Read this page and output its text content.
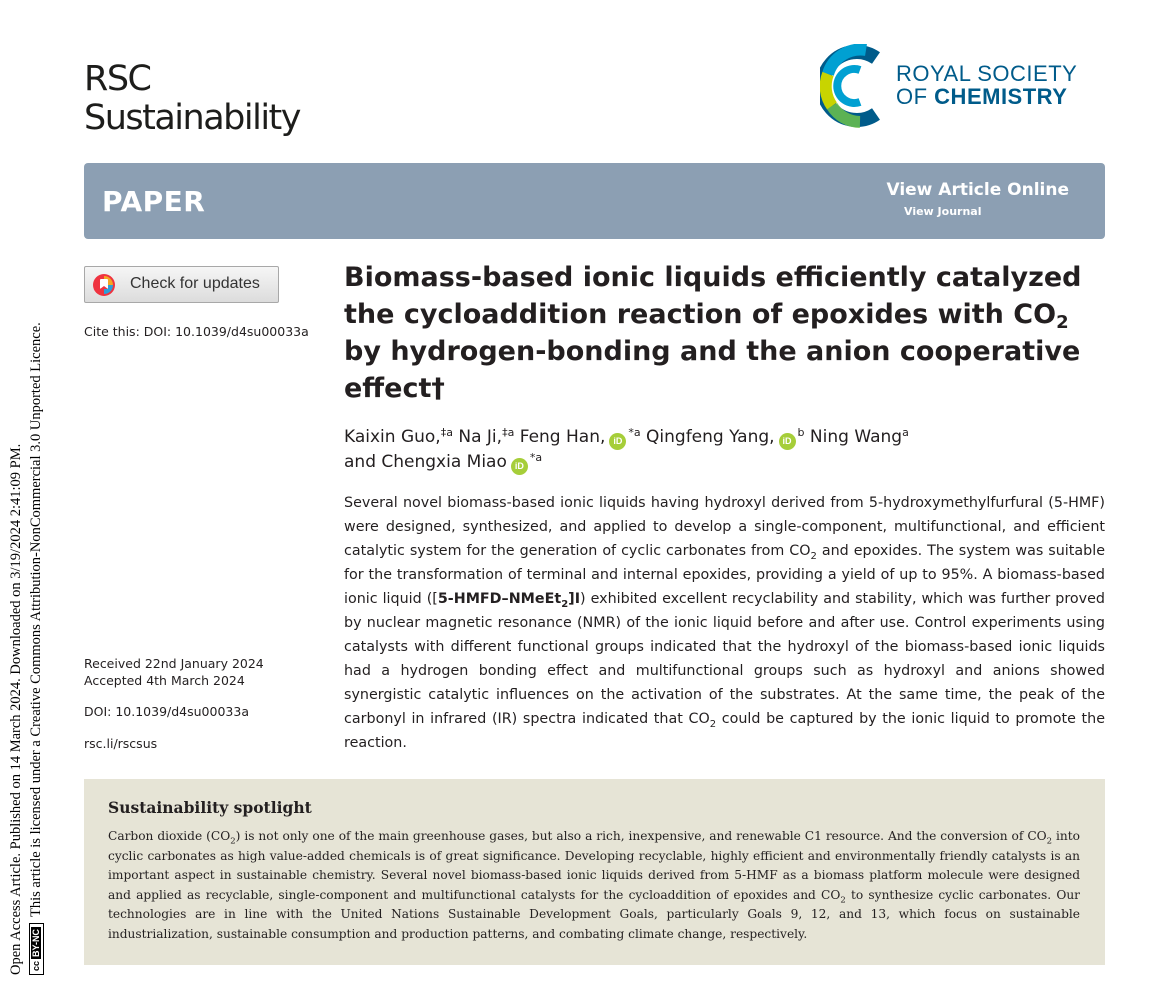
Open Access Article. Published on 14 March 2024. Downloaded on 3/19/2024 2:41:09 PM. ccBY-NCThis article is licensed under a Creative Commons Attribution-NonCommercial 3.0 Unported Licence.
RSC
Sustainability
ROYAL SOCIETY
OF CHEMISTRY
PAPER	View Article Online
View Journal
Check for updates
Cite this: DOI: 10.1039/d4su00033a
Received 22nd January 2024
Accepted 4th March 2024
DOI: 10.1039/d4su00033a
rsc.li/rscsus
Biomass-based ionic liquids efficiently catalyzed the cycloaddition reaction of epoxides with $CO_2$ by hydrogen-bonding and the anion cooperative effect†
Kaixin Guo,$^{\ddagger a}$ Na Ji,$^{\ddagger a}$ Feng Han, $iD^{*a}$ Qingfeng Yang, $iD^b$ Ning Wang$^a$
and Chengxia Miao $iD^{*a}$
Several novel biomass-based ionic liquids having hydroxyl derived from 5-hydroxymethylfurfural (5-HMF) were designed, synthesized, and applied to develop a single-component, multifunctional, and efficient catalytic system for the generation of cyclic carbonates from $CO_2$ and epoxides. The system was suitable for the transformation of terminal and internal epoxides, providing a yield of up to 95%. A biomass-based ionic liquid ([5-HMFD–NMeEt$_2$]I) exhibited excellent recyclability and stability, which was further proved by nuclear magnetic resonance (NMR) of the ionic liquid before and after use. Control experiments using catalysts with different functional groups indicated that the hydroxyl of the biomass-based ionic liquids had a hydrogen bonding effect and multifunctional groups such as hydroxyl and anions showed synergistic catalytic influences on the activation of the substrates. At the same time, the peak of the carbonyl in infrared (IR) spectra indicated that $CO_2$ could be captured by the ionic liquid to promote the reaction.
Sustainability spotlight
Carbon dioxide $(CO_2)$ is not only one of the main greenhouse gases, but also a rich, inexpensive, and renewable C1 resource. And the conversion of $CO_2$ into cyclic carbonates as high value-added chemicals is of great significance. Developing recyclable, highly efficient and environmentally friendly catalysts is an important aspect in sustainable chemistry. Several novel biomass-based ionic liquids derived from 5-HMF as a biomass platform molecule were designed and applied as recyclable, single-component and multifunctional catalysts for the cycloaddition of epoxides and $CO_2$ to synthesize cyclic carbonates. Our technologies are in line with the United Nations Sustainable Development Goals, particularly Goals 9, 12, and 13, which focus on sustainable industrialization, sustainable consumption and production patterns, and combating climate change, respectively.
